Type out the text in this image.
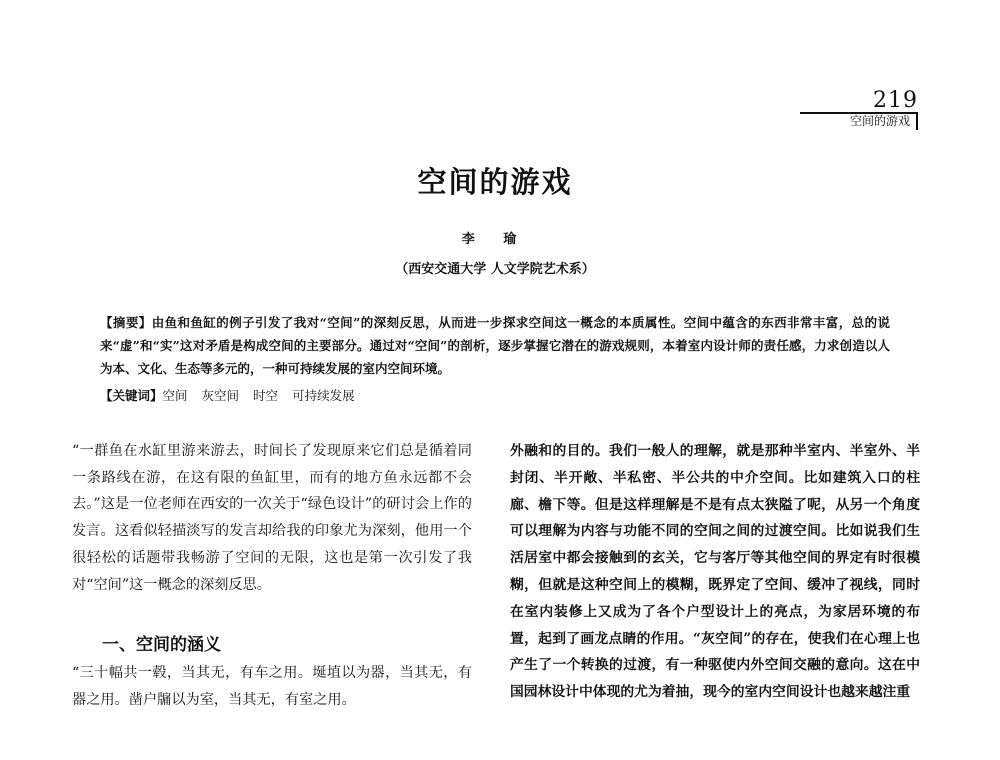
219
空间的游戏
空间的游戏
李 瑜
（西安交通大学 人文学院艺术系）
【摘要】由鱼和鱼缸的例子引发了我对“空间”的深刻反思，从而进一步探求空间这一概念的本质属性。空间中蕴含的东西非常丰富，总的说来“虚”和“实”这对矛盾是构成空间的主要部分。通过对“空间”的剖析，逐步掌握它潜在的游戏规则，本着室内设计师的责任感，力求创造以人为本、文化、生态等多元的，一种可持续发展的室内空间环境。
【关键词】空间 灰空间 时空 可持续发展

“一群鱼在水缸里游来游去，时间长了发现原来它们总是循着同一条路线在游，在这有限的鱼缸里，而有的地方鱼永远都不会去。”这是一位老师在西安的一次关于“绿色设计”的研讨会上作的发言。这看似轻描淡写的发言却给我的印象尤为深刻，他用一个很轻松的话题带我畅游了空间的无限，这也是第一次引发了我对“空间”这一概念的深刻反思。

一、空间的涵义

“三十幅共一毂，当其无，有车之用。埏埴以为器，当其无，有器之用。凿户牖以为室，当其无，有室之用。

外融和的目的。我们一般人的理解，就是那种半室内、半室外、半封闭、半开敞、半私密、半公共的中介空间。比如建筑入口的柱廊、檐下等。但是这样理解是不是有点太狭隘了呢，从另一个角度可以理解为内容与功能不同的空间之间的过渡空间。比如说我们生活居室中都会接触到的玄关，它与客厅等其他空间的界定有时很模糊，但就是这种空间上的模糊，既界定了空间、缓冲了视线，同时在室内装修上又成为了各个户型设计上的亮点，为家居环境的布置，起到了画龙点睛的作用。“灰空间”的存在，使我们在心理上也产生了一个转换的过渡，有一种驱使内外空间交融的意向。这在中国园林设计中体现的尤为着抽，现今的室内空间设计也越来越注重
